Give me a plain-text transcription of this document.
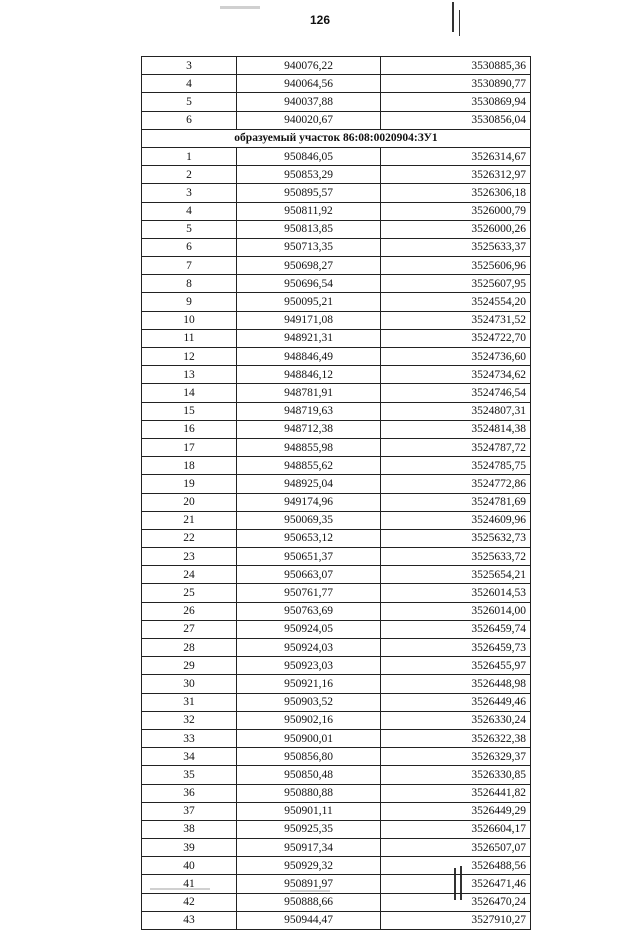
126
3	940076,22	3530885,36
4	940064,56	3530890,77
5	940037,88	3530869,94
6	940020,67	3530856,04
образуемый участок 86:08:0020904:ЗУ1		
1	950846,05	3526314,67
2	950853,29	3526312,97
3	950895,57	3526306,18
4	950811,92	3526000,79
5	950813,85	3526000,26
6	950713,35	3525633,37
7	950698,27	3525606,96
8	950696,54	3525607,95
9	950095,21	3524554,20
10	949171,08	3524731,52
11	948921,31	3524722,70
12	948846,49	3524736,60
13	948846,12	3524734,62
14	948781,91	3524746,54
15	948719,63	3524807,31
16	948712,38	3524814,38
17	948855,98	3524787,72
18	948855,62	3524785,75
19	948925,04	3524772,86
20	949174,96	3524781,69
21	950069,35	3524609,96
22	950653,12	3525632,73
23	950651,37	3525633,72
24	950663,07	3525654,21
25	950761,77	3526014,53
26	950763,69	3526014,00
27	950924,05	3526459,74
28	950924,03	3526459,73
29	950923,03	3526455,97
30	950921,16	3526448,98
31	950903,52	3526449,46
32	950902,16	3526330,24
33	950900,01	3526322,38
34	950856,80	3526329,37
35	950850,48	3526330,85
36	950880,88	3526441,82
37	950901,11	3526449,29
38	950925,35	3526604,17
39	950917,34	3526507,07
40	950929,32	3526488,56
41	950891,97	3526471,46
42	950888,66	3526470,24
43	950944,47	3527910,27
